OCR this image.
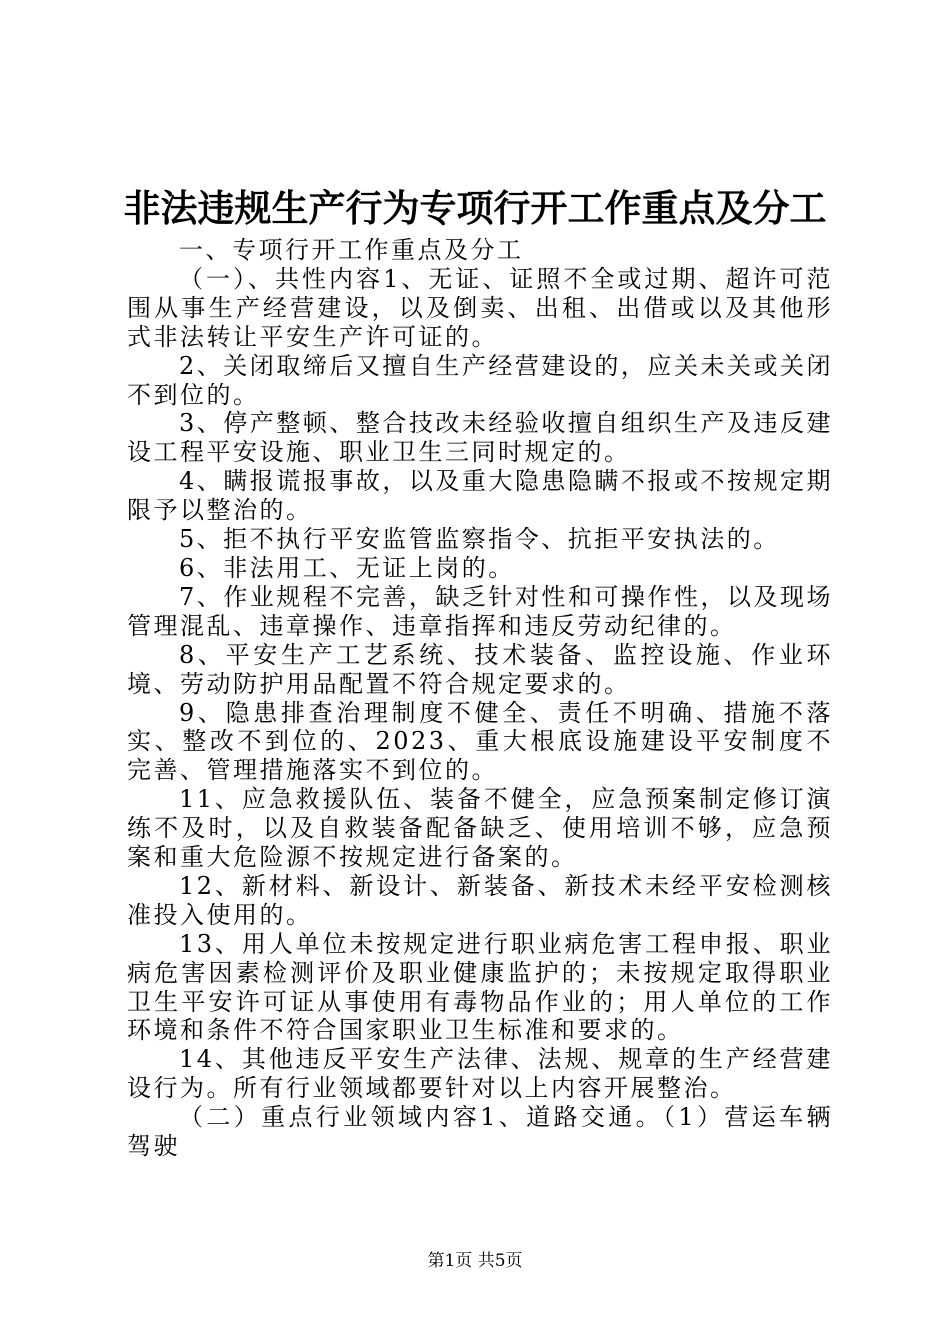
非法违规生产行为专项行开工作重点及分工

一、专项行开工作重点及分工

（一）、共性内容1、无证、证照不全或过期、超许可范围从事生产经营建设，以及倒卖、出租、出借或以及其他形式非法转让平安生产许可证的。

2、关闭取缔后又擅自生产经营建设的，应关未关或关闭不到位的。

3、停产整顿、整合技改未经验收擅自组织生产及违反建设工程平安设施、职业卫生三同时规定的。

4、瞒报谎报事故，以及重大隐患隐瞒不报或不按规定期限予以整治的。

5、拒不执行平安监管监察指令、抗拒平安执法的。

6、非法用工、无证上岗的。

7、作业规程不完善，缺乏针对性和可操作性，以及现场管理混乱、违章操作、违章指挥和违反劳动纪律的。

8、平安生产工艺系统、技术装备、监控设施、作业环境、劳动防护用品配置不符合规定要求的。

9、隐患排查治理制度不健全、责任不明确、措施不落实、整改不到位的、2023、重大根底设施建设平安制度不完善、管理措施落实不到位的。

11、应急救援队伍、装备不健全，应急预案制定修订演练不及时，以及自救装备配备缺乏、使用培训不够，应急预案和重大危险源不按规定进行备案的。

12、新材料、新设计、新装备、新技术未经平安检测核准投入使用的。

13、用人单位未按规定进行职业病危害工程申报、职业病危害因素检测评价及职业健康监护的；未按规定取得职业卫生平安许可证从事使用有毒物品作业的；用人单位的工作环境和条件不符合国家职业卫生标准和要求的。

14、其他违反平安生产法律、法规、规章的生产经营建设行为。所有行业领域都要针对以上内容开展整治。

（二）重点行业领域内容1、道路交通。（1）营运车辆驾驶

第1页 共5页
